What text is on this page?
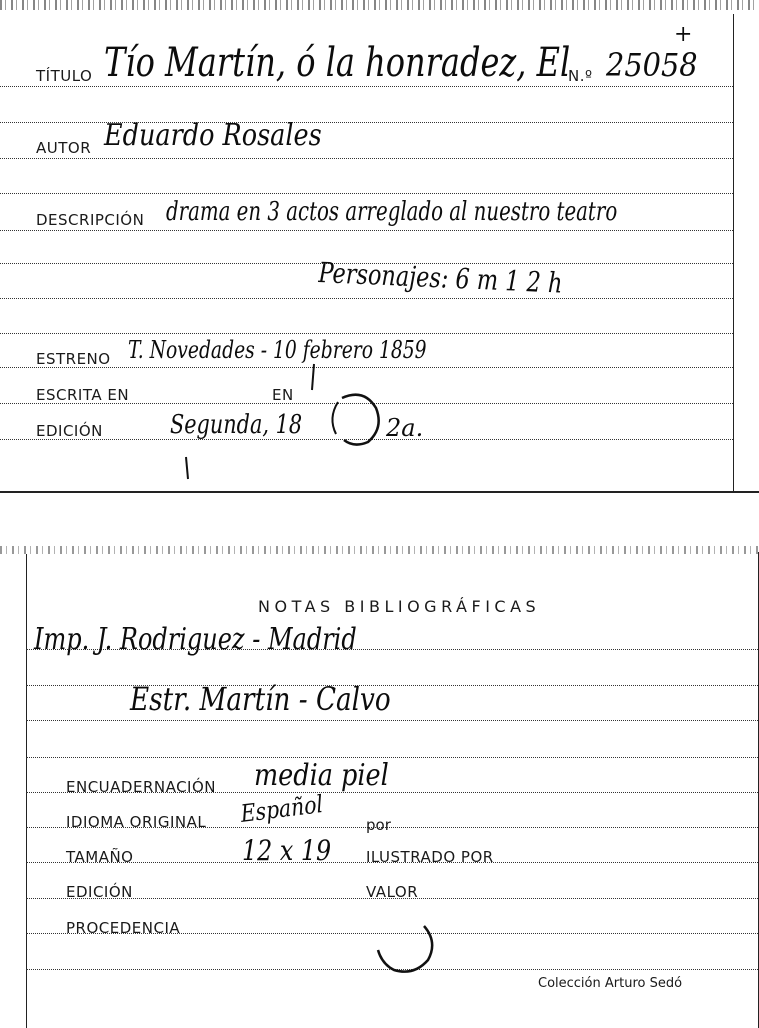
TÍTULO Tío Martín, ó la honradez, El
N.º 25058
+
AUTOR Eduardo Rosales
DESCRIPCIÓN drama en 3 actos arreglado al nuestro teatro
Personajes: 6 m 1 2 h
ESTRENO T. Novedades - 10 febrero 1859
ESCRITA EN	EN
EDICIÓN	Segunda, 18	2a.
NOTAS BIBLIOGRÁFICAS
Imp. J. Rodriguez - Madrid
Estr. Martín - Calvo
ENCUADERNACIÓN media piel
IDIOMA ORIGINAL Español	por
TAMAÑO	12 x 19 ILUSTRADO POR
EDICIÓN	VALOR
PROCEDENCIA
Colección Arturo Sedó
